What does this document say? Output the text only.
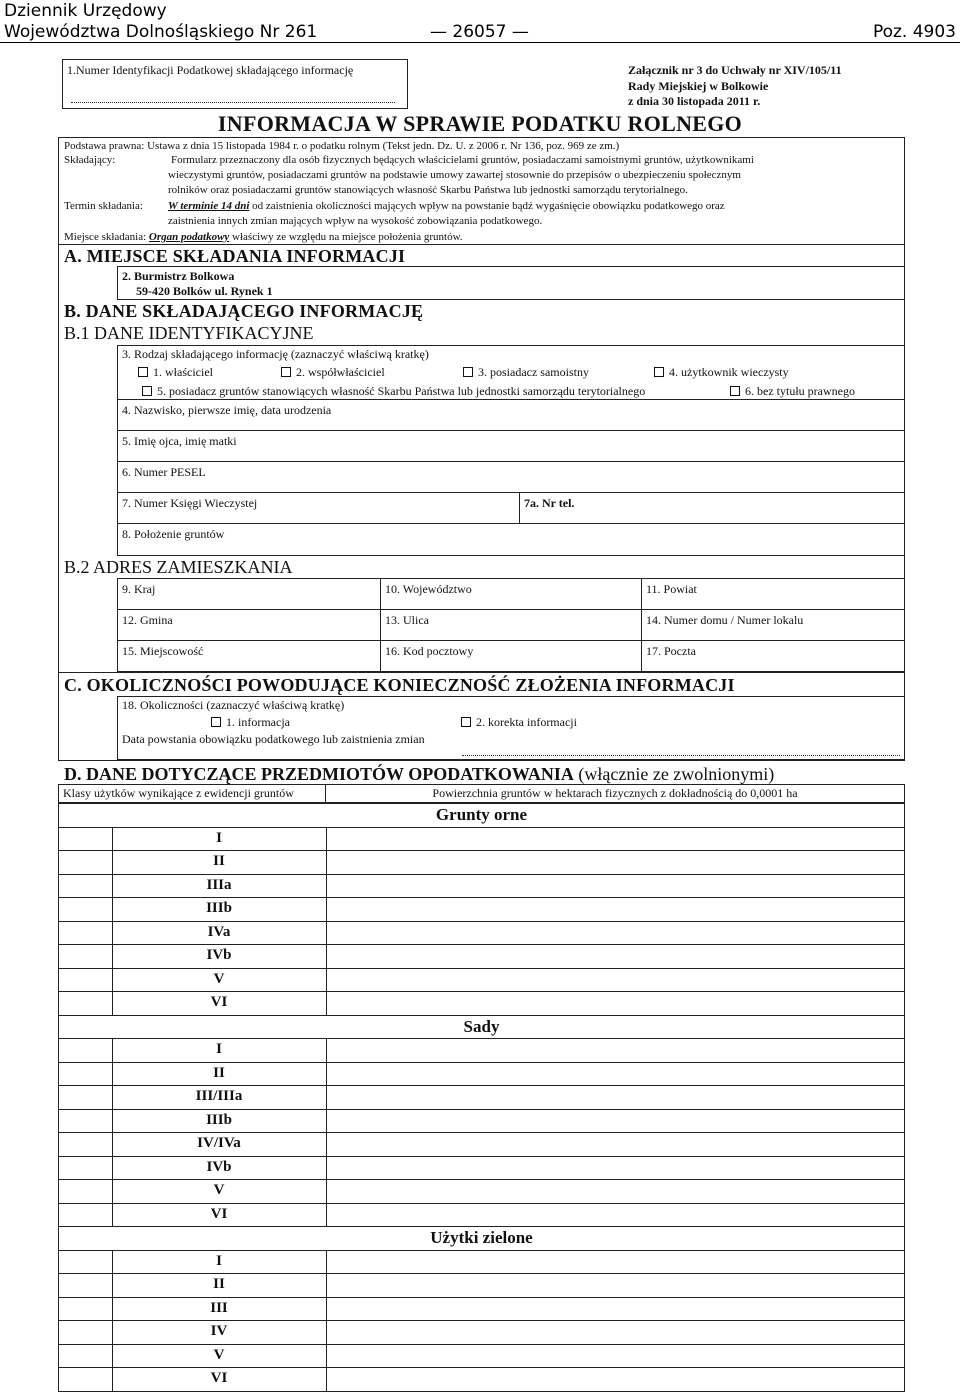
Dziennik Urzędowy
Województwa Dolnośląskiego Nr 261	— 26057 —	Poz. 4903
1.Numer Identyfikacji Podatkowej składającego informację	Załącznik nr 3 do Uchwały nr XIV/105/11
Rady Miejskiej w Bolkowie
z dnia 30 listopada 2011 r.
INFORMACJA W SPRAWIE PODATKU ROLNEGO
Podstawa prawna: Ustawa z dnia 15 listopada 1984 r. o podatku rolnym (Tekst jedn. Dz. U. z 2006 r. Nr 136, poz. 969 ze zm.)
Składający:	Formularz przeznaczony dla osób fizycznych będących właścicielami gruntów, posiadaczami samoistnymi gruntów, użytkownikami
wieczystymi gruntów, posiadaczami gruntów na podstawie umowy zawartej stosownie do przepisów o ubezpieczeniu społecznym
rolników oraz posiadaczami gruntów stanowiących własność Skarbu Państwa lub jednostki samorządu terytorialnego.
Termin składania: W terminie 14 dni od zaistnienia okoliczności mających wpływ na powstanie bądź wygaśnięcie obowiązku podatkowego oraz
zaistnienia innych zmian mających wpływ na wysokość zobowiązania podatkowego.
Miejsce składania: Organ podatkowy właściwy ze względu na miejsce położenia gruntów.
A. MIEJSCE SKŁADANIA INFORMACJI
2. Burmistrz Bolkowa
59-420 Bolków ul. Rynek 1
B. DANE SKŁADAJĄCEGO INFORMACJĘ
B.1 DANE IDENTYFIKACYJNE
3. Rodzaj składającego informację (zaznaczyć właściwą kratkę)
1. właściciel	2. współwłaściciel	3. posiadacz samoistny	4. użytkownik wieczysty
5. posiadacz gruntów stanowiących własność Skarbu Państwa lub jednostki samorządu terytorialnego	6. bez tytułu prawnego
4. Nazwisko, pierwsze imię, data urodzenia
5. Imię ojca, imię matki
6. Numer PESEL
7. Numer Księgi Wieczystej	7a. Nr tel.
8. Położenie gruntów
B.2 ADRES ZAMIESZKANIA
9. Kraj	10. Województwo	11. Powiat
12. Gmina	13. Ulica	14. Numer domu / Numer lokalu
15. Miejscowość	16. Kod pocztowy	17. Poczta
C. OKOLICZNOŚCI POWODUJĄCE KONIECZNOŚĆ ZŁOŻENIA INFORMACJI
18. Okoliczności (zaznaczyć właściwą kratkę)
1. informacja	2. korekta informacji
Data powstania obowiązku podatkowego lub zaistnienia zmian
D. DANE DOTYCZĄCE PRZEDMIOTÓW OPODATKOWANIA (włącznie ze zwolnionymi)
Klasy użytków wynikające z ewidencji gruntów	Powierzchnia gruntów w hektarach fizycznych z dokładnością do 0,0001 ha
Grunty orne
I
II
IIIa
IIIb
IVa
IVb
V
VI
Sady
I
II
III/IIIa
IIIb
IV/IVa
IVb
V
VI
Użytki zielone
I
II
III
IV
V
VI
